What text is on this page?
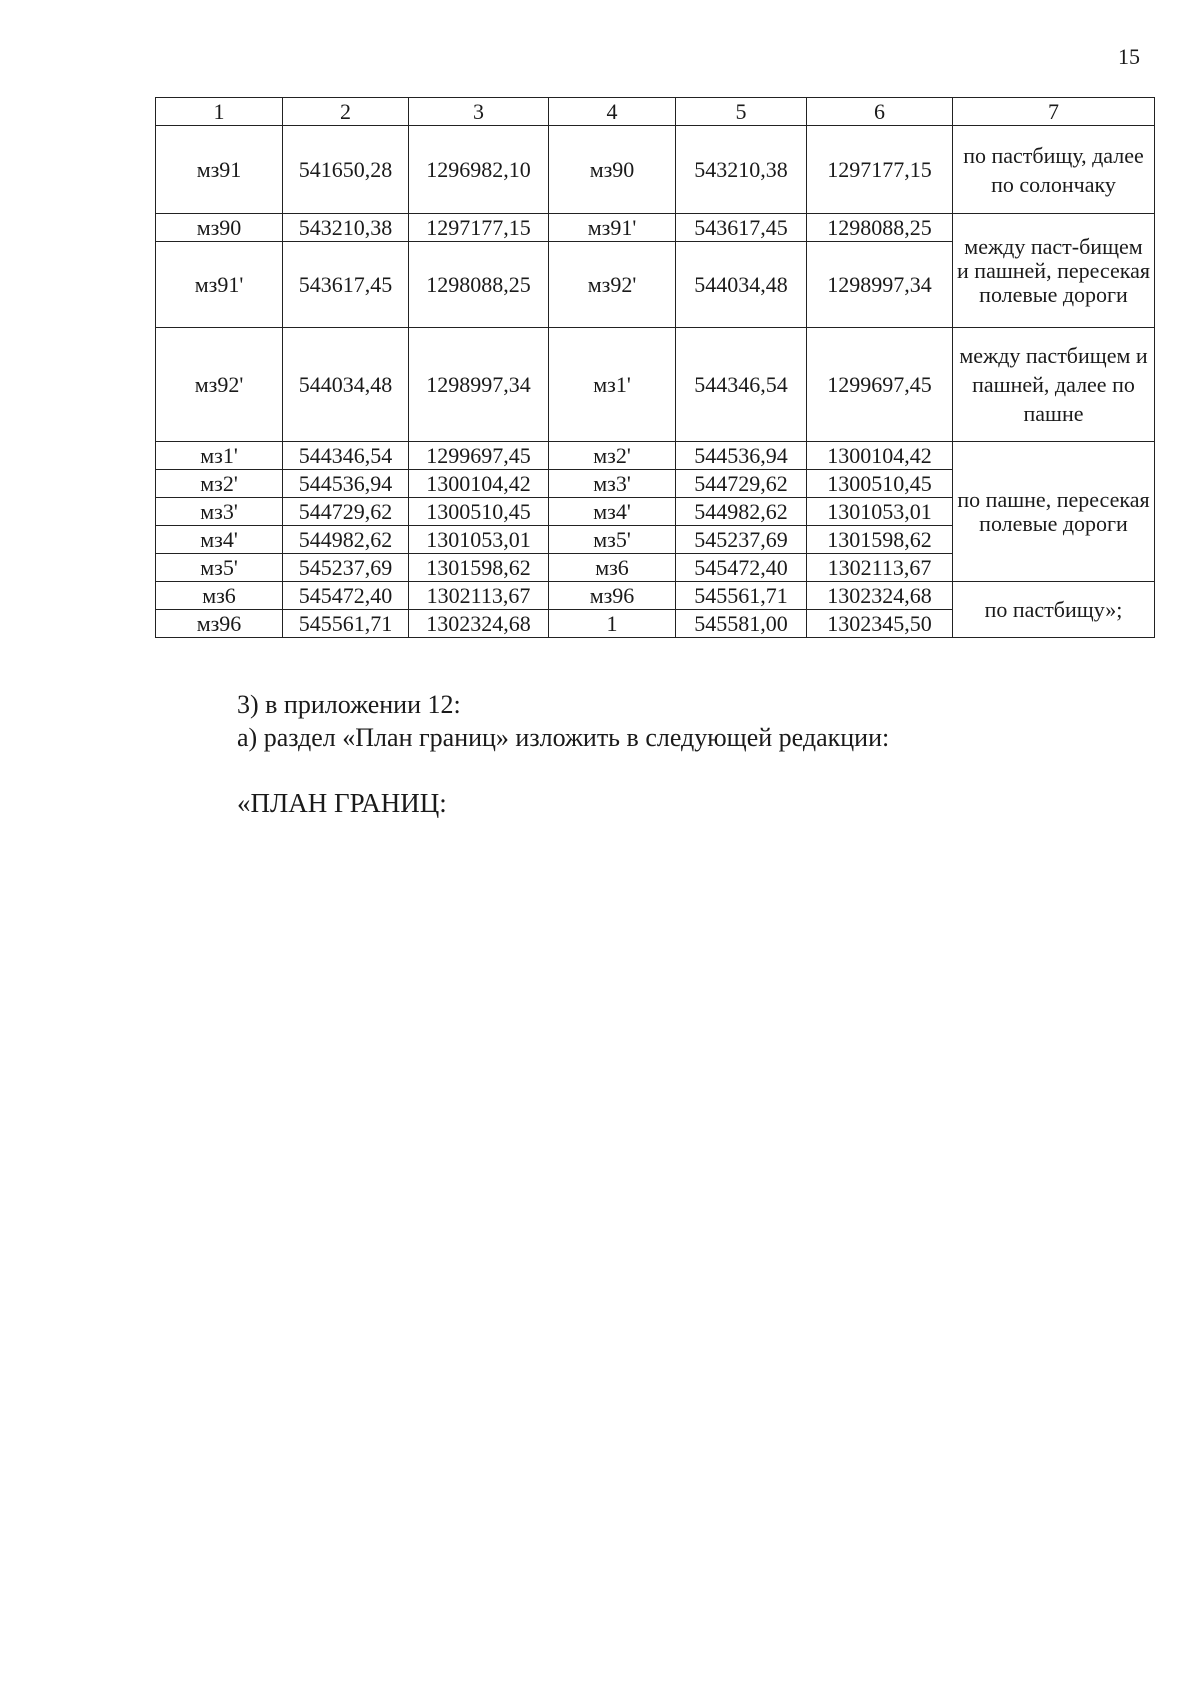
15
1	2	3	4	5	6	7
мз91	541650,28	1296982,10	мз90	543210,38	1297177,15	по пастбищу, далее по солончаку
мз90	543210,38	1297177,15	мз91'	543617,45	1298088,25	между паст-бищем и пашней, пересекая полевые дороги
мз91'	543617,45	1298088,25	мз92'	544034,48	1298997,34	
мз92'	544034,48	1298997,34	мз1'	544346,54	1299697,45	между пастбищем и пашней, далее по пашне
мз1'	544346,54	1299697,45	мз2'	544536,94	1300104,42	по пашне, пересекая полевые дороги
мз2'	544536,94	1300104,42	мз3'	544729,62	1300510,45	
мз3'	544729,62	1300510,45	мз4'	544982,62	1301053,01	
мз4'	544982,62	1301053,01	мз5'	545237,69	1301598,62	
мз5'	545237,69	1301598,62	мз6	545472,40	1302113,67	
мз6	545472,40	1302113,67	мз96	545561,71	1302324,68	по пастбищу»;
мз96	545561,71	1302324,68	1	545581,00	1302345,50	

3) в приложении 12:

а) раздел «План границ» изложить в следующей редакции:

«ПЛАН ГРАНИЦ:
